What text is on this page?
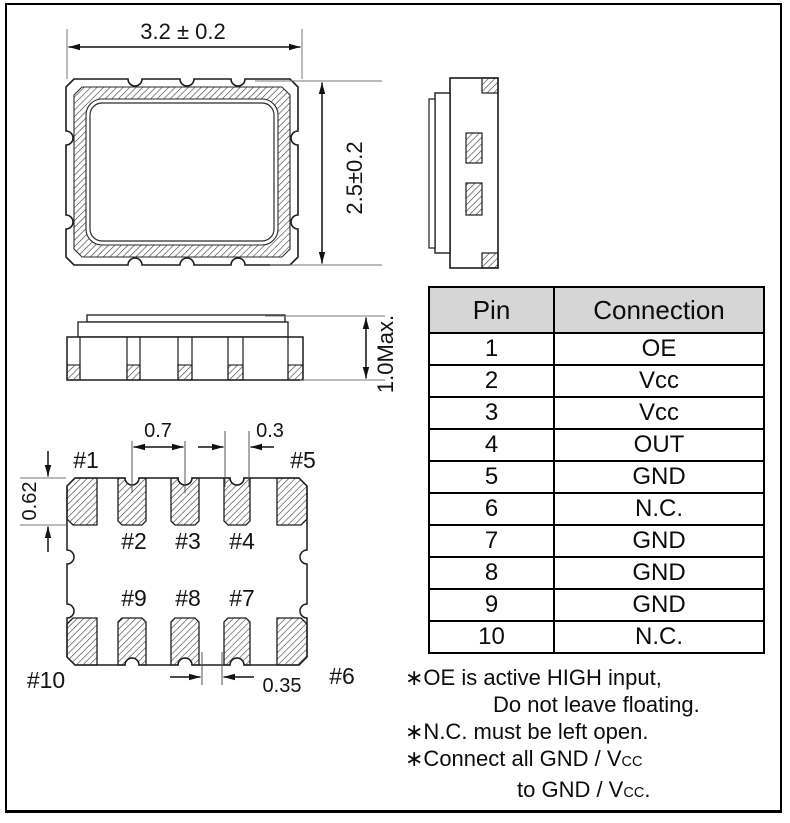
3.2 ± 0.2
2.5±0.2
1.0Max.
0.62
0.7	0.3
0.35
#1	#5
#2 #3 #4
#9 #8 #7
#10	#6
Pin	Connection
1	OE
2	Vcc
3	Vcc
4	OUT
5	GND
6	N.C.
7	GND
8	GND
9	GND
10	N.C.
∗OE is active HIGH input,
Do not leave floating.
∗N.C. must be left open.
∗Connect all GND / VCC
to GND / VCC.
